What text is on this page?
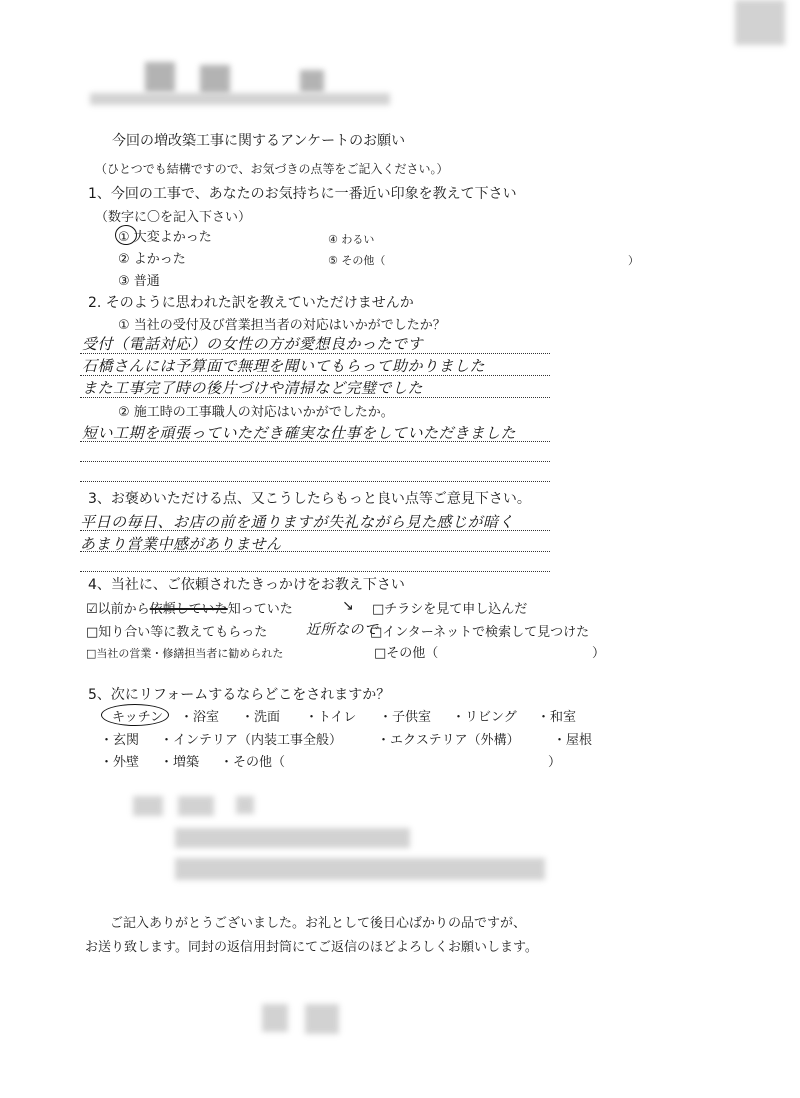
今回の増改築工事に関するアンケートのお願い
（ひとつでも結構ですので、お気づきの点等をご記入ください。）
1、今回の工事で、あなたのお気持ちに一番近い印象を教えて下さい
（数字に〇を記入下さい）
① 大変よかった
② よかった
③ 普通
④ わるい
⑤ その他（	）
2. そのように思われた訳を教えていただけませんか
① 当社の受付及び営業担当者の対応はいかがでしたか？
受付（電話対応）の女性の方が愛想良かったです
石橋さんには予算面で無理を聞いてもらって助かりました
また工事完了時の後片づけや清掃など完璧でした
② 施工時の工事職人の対応はいかがでしたか。
短い工期を頑張っていただき確実な仕事をしていただきました
3、お褒めいただける点、又こうしたらもっと良い点等ご意見下さい。
平日の毎日、お店の前を通りますが失礼ながら見た感じが暗く
あまり営業中感がありません
4、当社に、ご依頼されたきっかけをお教え下さい
☑以前から依頼していた知っていた	↘ □チラシを見て申し込んだ
□知り合い等に教えてもらった	近所なので
□インターネットで検索して見つけた
□当社の営業・修繕担当者に勧められた	□その他（	）
5、次にリフォームするならどこをされますか？
キッチン ・浴室 ・洗面 ・トイレ ・子供室 ・リビング ・和室
・玄関 ・インテリア（内装工事全般）	・エクステリア（外構）	・屋根
・外壁 ・増築 ・その他（	）
ご記入ありがとうございました。お礼として後日心ばかりの品ですが、
お送り致します。同封の返信用封筒にてご返信のほどよろしくお願いします。
